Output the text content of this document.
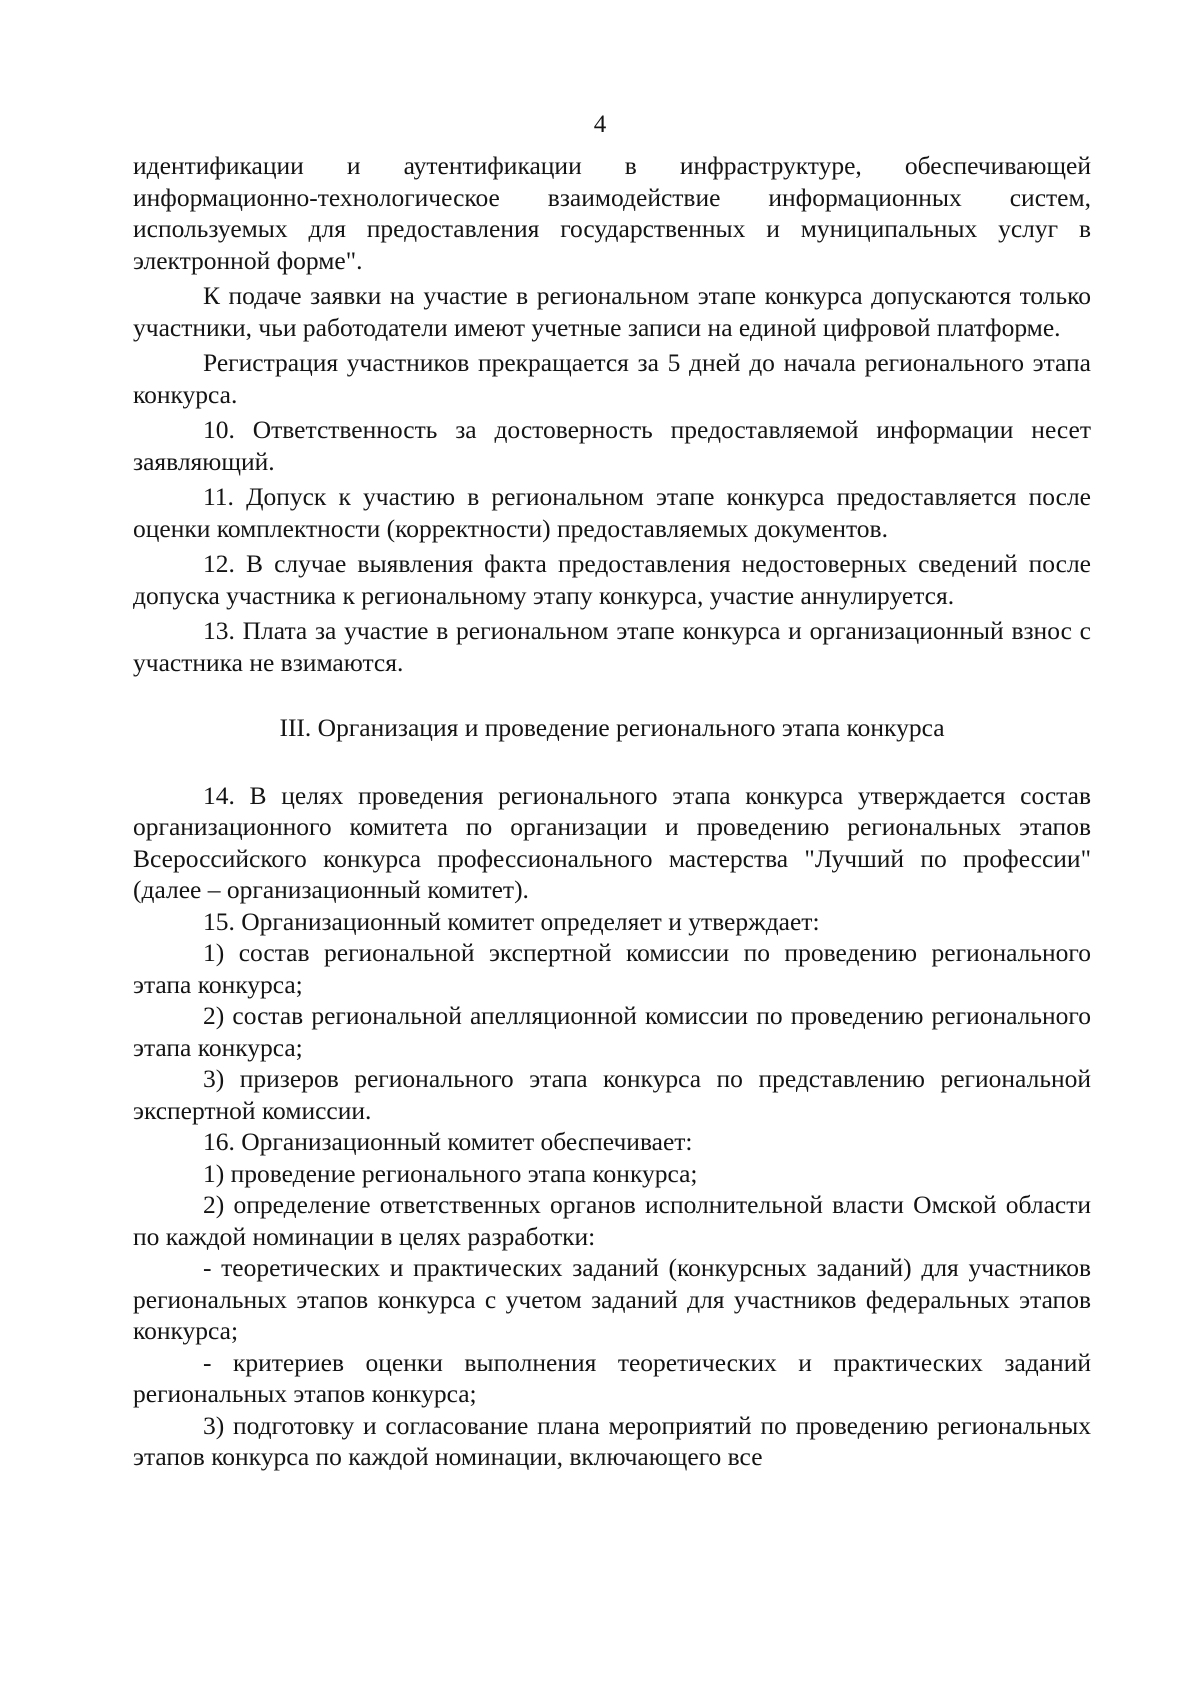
4

идентификации и аутентификации в инфраструктуре, обеспечивающей информационно-технологическое взаимодействие информационных систем, используемых для предоставления государственных и муниципальных услуг в электронной форме".

К подаче заявки на участие в региональном этапе конкурса допускаются только участники, чьи работодатели имеют учетные записи на единой цифровой платформе.

Регистрация участников прекращается за 5 дней до начала регионального этапа конкурса.

10. Ответственность за достоверность предоставляемой информации несет заявляющий.

11. Допуск к участию в региональном этапе конкурса предоставляется после оценки комплектности (корректности) предоставляемых документов.

12. В случае выявления факта предоставления недостоверных сведений после допуска участника к региональному этапу конкурса, участие аннулируется.

13. Плата за участие в региональном этапе конкурса и организационный взнос с участника не взимаются.

III. Организация и проведение регионального этапа конкурса

14. В целях проведения регионального этапа конкурса утверждается состав организационного комитета по организации и проведению региональных этапов Всероссийского конкурса профессионального мастерства "Лучший по профессии" (далее – организационный комитет).

15. Организационный комитет определяет и утверждает:

1) состав региональной экспертной комиссии по проведению регионального этапа конкурса;

2) состав региональной апелляционной комиссии по проведению регионального этапа конкурса;

3) призеров регионального этапа конкурса по представлению региональной экспертной комиссии.

16. Организационный комитет обеспечивает:

1) проведение регионального этапа конкурса;

2) определение ответственных органов исполнительной власти Омской области по каждой номинации в целях разработки:

- теоретических и практических заданий (конкурсных заданий) для участников региональных этапов конкурса с учетом заданий для участников федеральных этапов конкурса;

- критериев оценки выполнения теоретических и практических заданий региональных этапов конкурса;

3) подготовку и согласование плана мероприятий по проведению региональных этапов конкурса по каждой номинации, включающего все
